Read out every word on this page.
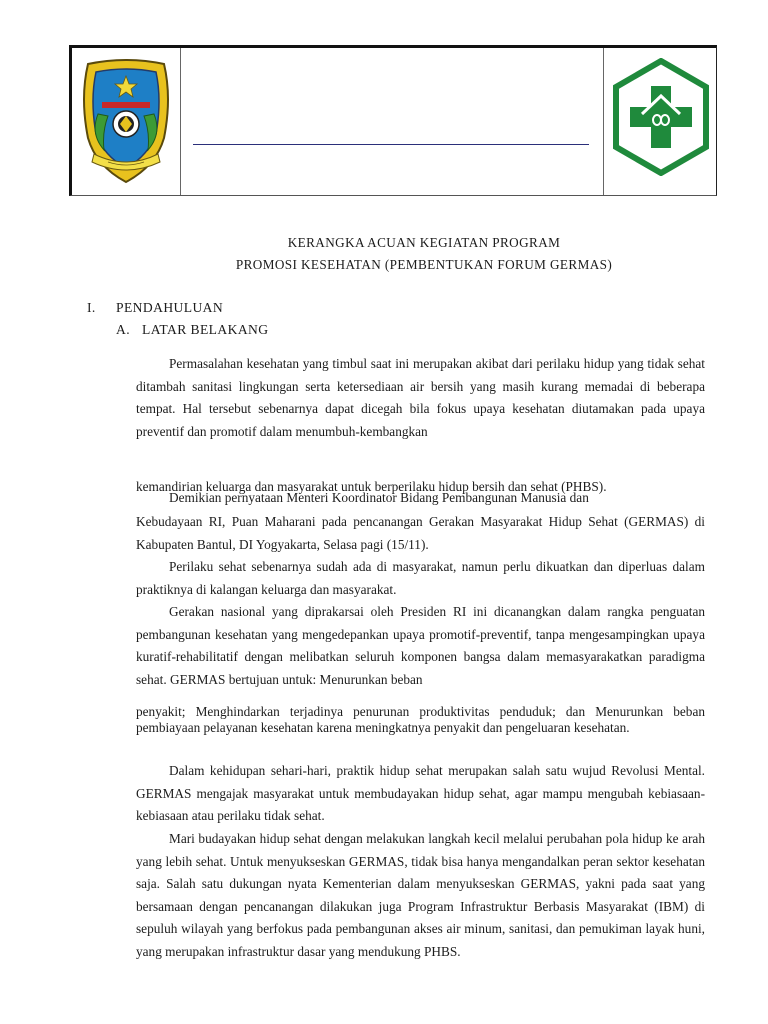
KERANGKA ACUAN KEGIATAN PROGRAM
PROMOSI KESEHATAN (PEMBENTUKAN FORUM GERMAS)
I. PENDAHULUAN
A. LATAR BELAKANG
Permasalahan kesehatan yang timbul saat ini merupakan akibat dari perilaku hidup yang tidak sehat ditambah sanitasi lingkungan serta ketersediaan air bersih yang masih kurang memadai di beberapa tempat. Hal tersebut sebenarnya dapat dicegah bila fokus upaya kesehatan diutamakan pada upaya preventif dan promotif dalam menumbuh-kembangkan
kemandirian keluarga dan masyarakat untuk berperilaku hidup bersih dan sehat (PHBS).
Demikian pernyataan Menteri Koordinator Bidang Pembangunan Manusia dan
Kebudayaan RI, Puan Maharani pada pencanangan Gerakan Masyarakat Hidup Sehat (GERMAS) di Kabupaten Bantul, DI Yogyakarta, Selasa pagi (15/11).
Perilaku sehat sebenarnya sudah ada di masyarakat, namun perlu dikuatkan dan diperluas dalam praktiknya di kalangan keluarga dan masyarakat.
Gerakan nasional yang diprakarsai oleh Presiden RI ini dicanangkan dalam rangka penguatan pembangunan kesehatan yang mengedepankan upaya promotif-preventif, tanpa mengesampingkan upaya kuratif-rehabilitatif dengan melibatkan seluruh komponen bangsa dalam memasyarakatkan paradigma sehat. GERMAS bertujuan untuk: Menurunkan beban
penyakit; Menghindarkan terjadinya penurunan produktivitas penduduk; dan Menurunkan beban pembiayaan pelayanan kesehatan karena meningkatnya penyakit dan pengeluaran kesehatan.
Dalam kehidupan sehari-hari, praktik hidup sehat merupakan salah satu wujud Revolusi Mental. GERMAS mengajak masyarakat untuk membudayakan hidup sehat, agar mampu mengubah kebiasaan-kebiasaan atau perilaku tidak sehat.
Mari budayakan hidup sehat dengan melakukan langkah kecil melalui perubahan pola hidup ke arah yang lebih sehat. Untuk menyukseskan GERMAS, tidak bisa hanya mengandalkan peran sektor kesehatan saja. Salah satu dukungan nyata Kementerian dalam menyukseskan GERMAS, yakni pada saat yang bersamaan dengan pencanangan dilakukan juga Program Infrastruktur Berbasis Masyarakat (IBM) di sepuluh wilayah yang berfokus pada pembangunan akses air minum, sanitasi, dan pemukiman layak huni, yang merupakan infrastruktur dasar yang mendukung PHBS.
